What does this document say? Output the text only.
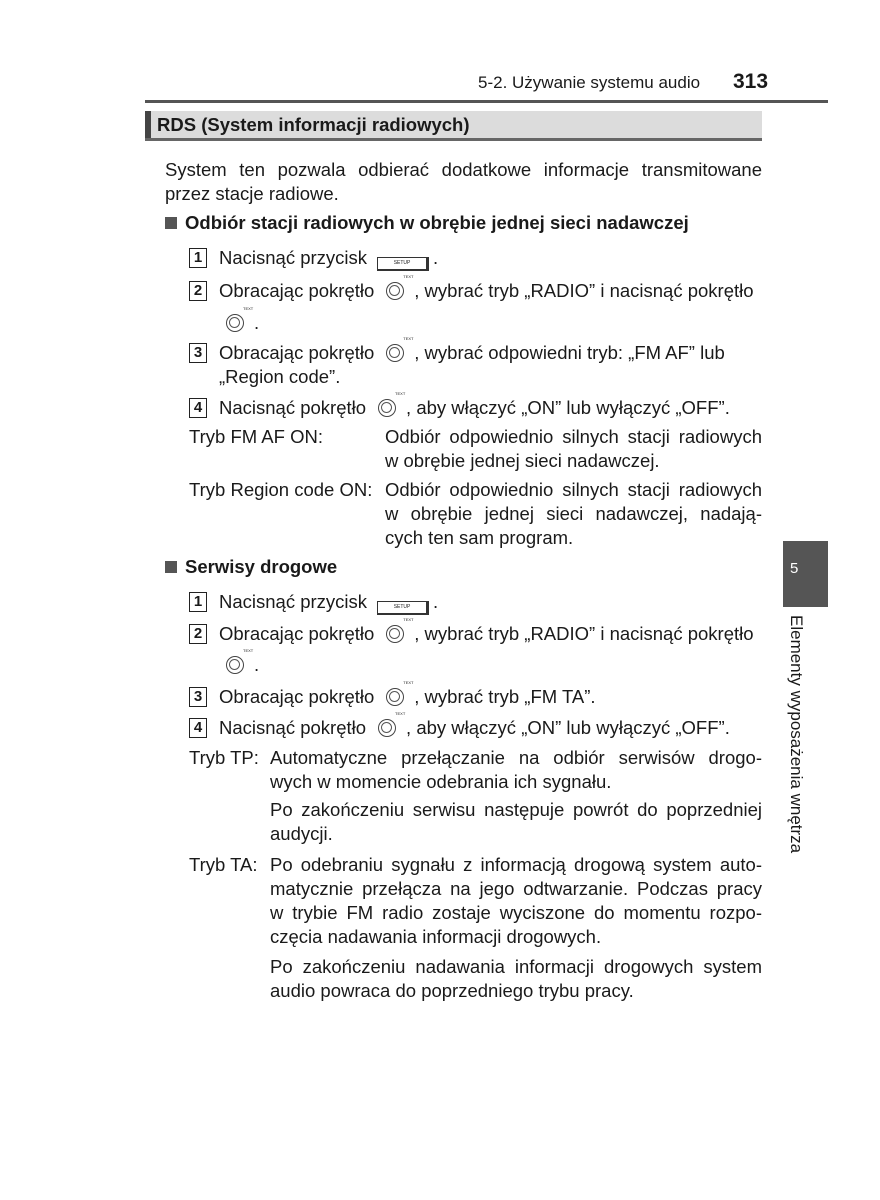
5-2. Używanie systemu audio 313
RDS (System informacji radiowych)
5
Elementy wyposażenia wnętrza
System ten pozwala odbierać dodatkowe informacje transmitowane
przez stacje radiowe.
Odbiór stacji radiowych w obrębie jednej sieci nadawczej
1 Nacisnąć przycisk	SETUP .
2 Obracając pokrętło
TEXT
, wybrać tryb „RADIO” i nacisnąć pokrętło
TEXT
.
3 Obracając pokrętło
TEXT
, wybrać odpowiedni tryb: „FM AF” lub
„Region code”.
4 Nacisnąć pokrętło
TEXT
, aby włączyć „ON” lub wyłączyć „OFF”.
Tryb FM AF ON:	Odbiór odpowiednio silnych stacji radiowych
w obrębie jednej sieci nadawczej.
Tryb Region code ON: Odbiór odpowiednio silnych stacji radiowych
w obrębie jednej sieci nadawczej, nadają-
cych ten sam program.
Serwisy drogowe
1 Nacisnąć przycisk	SETUP .
2 Obracając pokrętło
TEXT
, wybrać tryb „RADIO” i nacisnąć pokrętło
TEXT
.
3 Obracając pokrętło
TEXT
, wybrać tryb „FM TA”.
4 Nacisnąć pokrętło
TEXT
, aby włączyć „ON” lub wyłączyć „OFF”.
Tryb TP: Automatyczne przełączanie na odbiór serwisów drogo-
wych w momencie odebrania ich sygnału.
Po zakończeniu serwisu następuje powrót do poprzedniej
audycji.
Tryb TA: Po odebraniu sygnału z informacją drogową system auto-
matycznie przełącza na jego odtwarzanie. Podczas pracy
w trybie FM radio zostaje wyciszone do momentu rozpo-
częcia nadawania informacji drogowych.
Po zakończeniu nadawania informacji drogowych system
audio powraca do poprzedniego trybu pracy.
